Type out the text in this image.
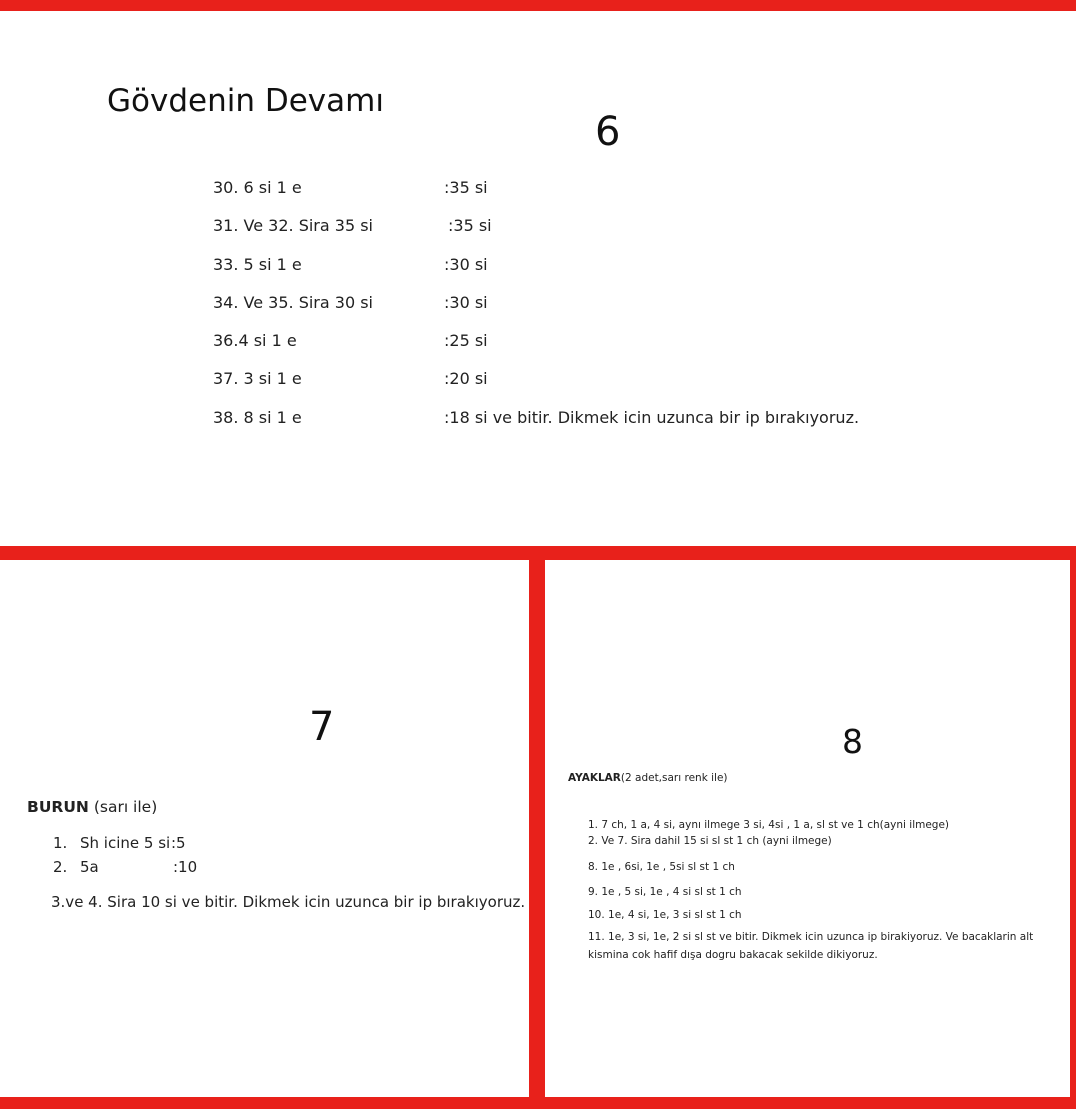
Gövdenin Devamı
6
30. 6 si 1 e	:35 si
31. Ve 32. Sira 35 si	:35 si
33. 5 si 1 e	:30 si
34. Ve 35. Sira 30 si	:30 si
36.4 si 1 e	:25 si
37. 3 si 1 e	:20 si
38. 8 si 1 e	:18 si ve bitir. Dikmek icin uzunca bir ip bırakıyoruz.
7
BURUN (sarı ile)
1. Sh icine 5 si :5
2. 5a	:10
3.ve 4. Sira 10 si ve bitir. Dikmek icin uzunca bir ip bırakıyoruz.
8
AYAKLAR(2 adet,sarı renk ile)
1. 7 ch, 1 a, 4 si, aynı ilmege 3 si, 4si , 1 a, sl st ve 1 ch(ayni ilmege)
2. Ve 7. Sira dahil 15 si sl st 1 ch (ayni ilmege)
8. 1e , 6si, 1e , 5si sl st 1 ch
9. 1e , 5 si, 1e , 4 si sl st 1 ch
10. 1e, 4 si, 1e, 3 si sl st 1 ch
11. 1e, 3 si, 1e, 2 si sl st ve bitir. Dikmek icin uzunca ip birakiyoruz. Ve bacaklarin alt
kismina cok hafif dışa dogru bakacak sekilde dikiyoruz.
